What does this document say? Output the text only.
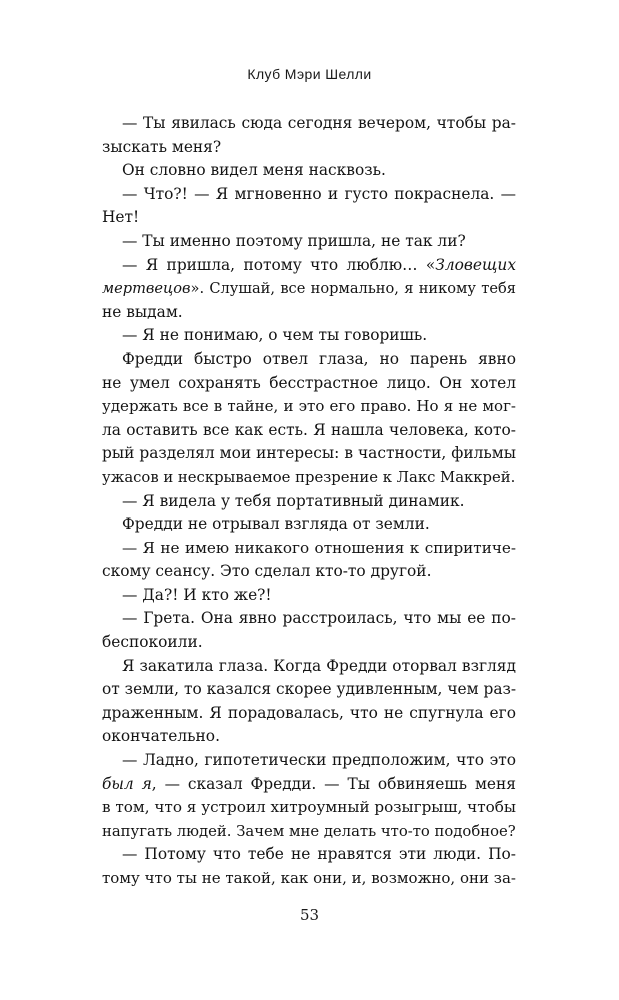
Клуб Мэри Шелли
— Ты явилась сюда сегодня вечером, чтобы ра-
зыскать меня?
Он словно видел меня насквозь.
— Что?! — Я мгновенно и густо покраснела. —
Нет!
— Ты именно поэтому пришла, не так ли?
— Я пришла, потому что люблю… «Зловещих
мертвецов». Слушай, все нормально, я никому тебя
не выдам.
— Я не понимаю, о чем ты говоришь.
Фредди быстро отвел глаза, но парень явно
не умел сохранять бесстрастное лицо. Он хотел
удержать все в тайне, и это его право. Но я не мог-
ла оставить все как есть. Я нашла человека, кото-
рый разделял мои интересы: в частности, фильмы
ужасов и нескрываемое презрение к Лакс Маккрей.
— Я видела у тебя портативный динамик.
Фредди не отрывал взгляда от земли.
— Я не имею никакого отношения к спиритиче-
скому сеансу. Это сделал кто-то другой.
— Да?! И кто же?!
— Грета. Она явно расстроилась, что мы ее по-
беспокоили.
Я закатила глаза. Когда Фредди оторвал взгляд
от земли, то казался скорее удивленным, чем раз-
драженным. Я порадовалась, что не спугнула его
окончательно.
— Ладно, гипотетически предположим, что это
был я, — сказал Фредди. — Ты обвиняешь меня
в том, что я устроил хитроумный розыгрыш, чтобы
напугать людей. Зачем мне делать что-то подобное?
— Потому что тебе не нравятся эти люди. По-
тому что ты не такой, как они, и, возможно, они за-
53
